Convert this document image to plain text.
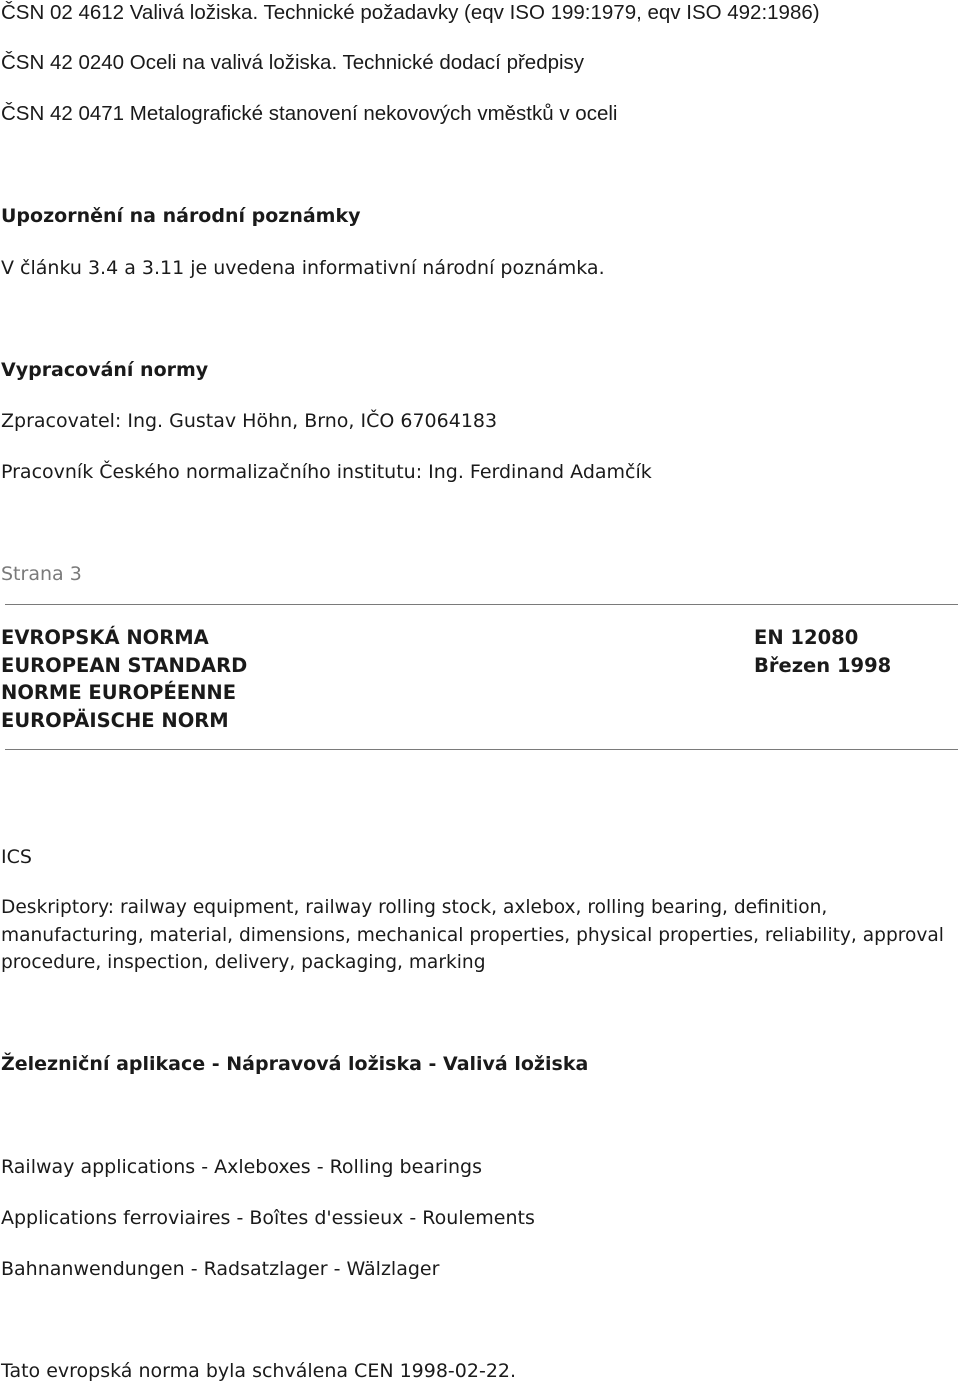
ČSN 02 4612 Valivá ložiska. Technické požadavky (eqv ISO 199:1979, eqv ISO 492:1986)
ČSN 42 0240 Oceli na valivá ložiska. Technické dodací předpisy
ČSN 42 0471 Metalografické stanovení nekovových vměstků v oceli
Upozornění na národní poznámky
V článku 3.4 a 3.11 je uvedena informativní národní poznámka.
Vypracování normy
Zpracovatel: Ing. Gustav Höhn, Brno, IČO 67064183
Pracovník Českého normalizačního institutu: Ing. Ferdinand Adamčík
Strana 3
EVROPSKÁ NORMA
EUROPEAN STANDARD
NORME EUROPÉENNE
EUROPÄISCHE NORM
EN 12080
Březen 1998
ICS
Deskriptory: railway equipment, railway rolling stock, axlebox, rolling bearing, definition, manufacturing, material, dimensions, mechanical properties, physical properties, reliability, approval procedure, inspection, delivery, packaging, marking
Železniční aplikace - Nápravová ložiska - Valivá ložiska
Railway applications - Axleboxes - Rolling bearings
Applications ferroviaires - Boîtes d'essieux - Roulements
Bahnanwendungen - Radsatzlager - Wälzlager
Tato evropská norma byla schválena CEN 1998-02-22.
